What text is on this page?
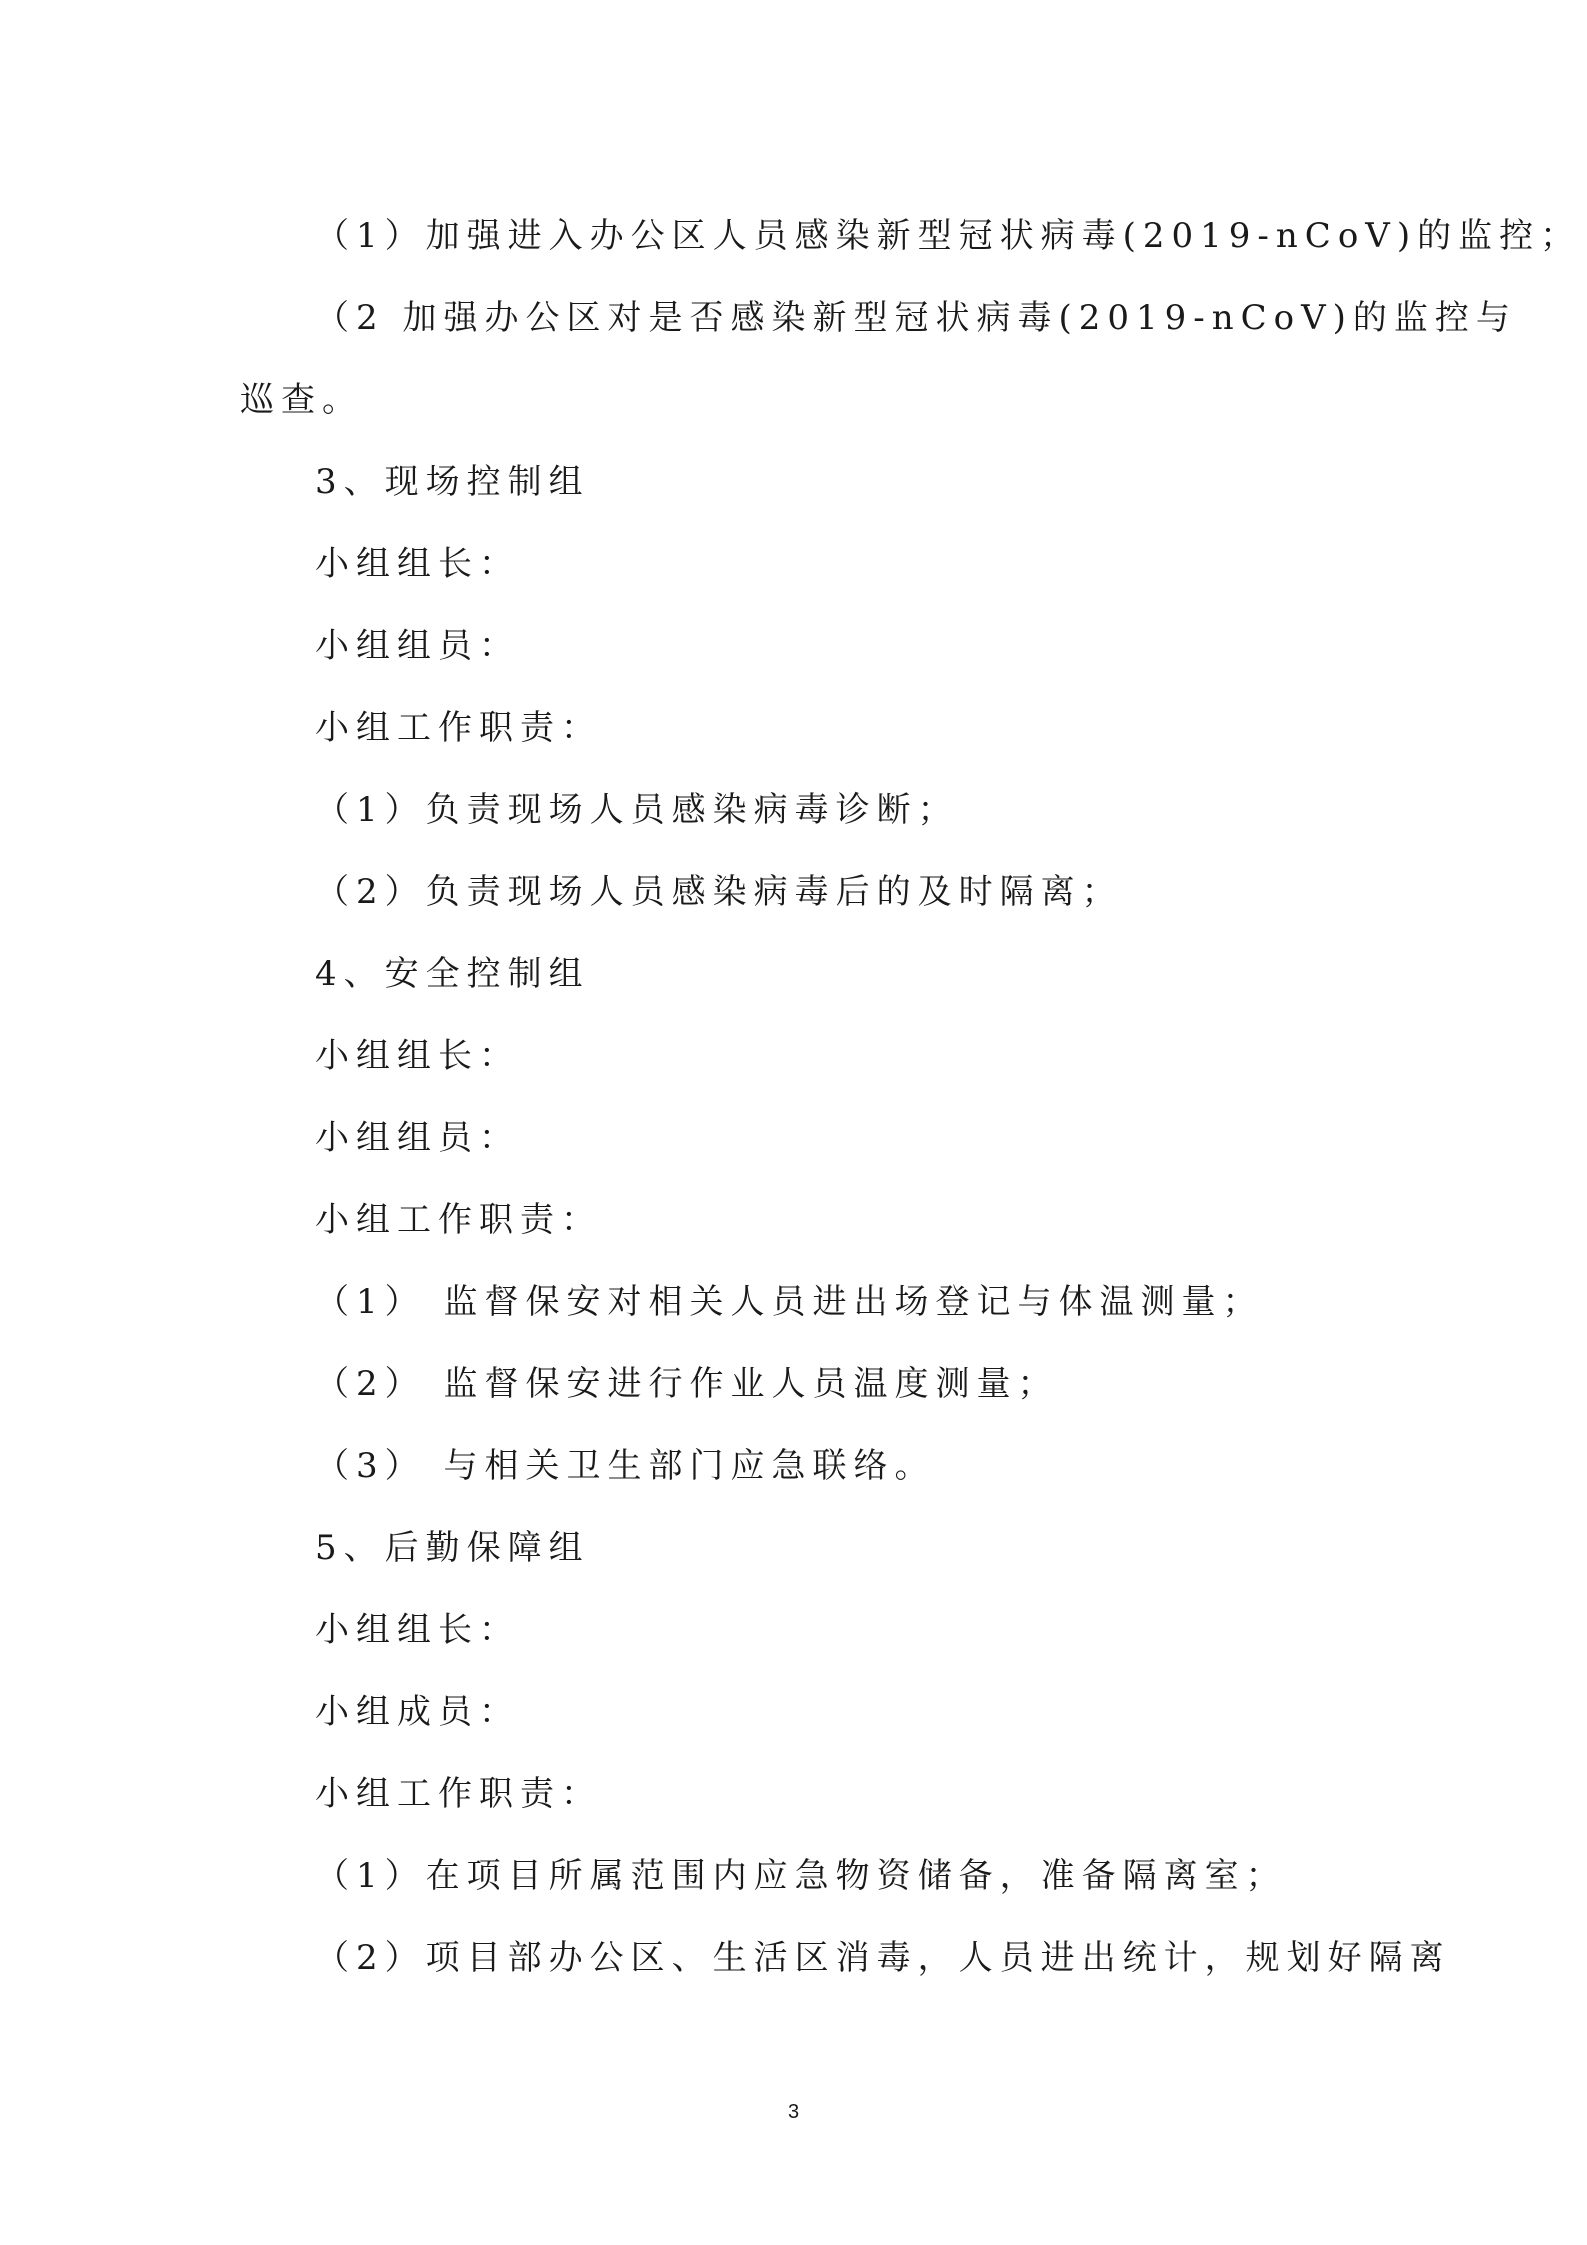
（1）加强进入办公区人员感染新型冠状病毒(2019-nCoV)的监控；
（2 加强办公区对是否感染新型冠状病毒(2019-nCoV)的监控与
巡查。
3、现场控制组
小组组长：
小组组员：
小组工作职责：
（1）负责现场人员感染病毒诊断；
（2）负责现场人员感染病毒后的及时隔离；
4、安全控制组
小组组长：
小组组员：
小组工作职责：
（1） 监督保安对相关人员进出场登记与体温测量；
（2） 监督保安进行作业人员温度测量；
（3） 与相关卫生部门应急联络。
5、后勤保障组
小组组长：
小组成员：
小组工作职责：
（1）在项目所属范围内应急物资储备，准备隔离室；
（2）项目部办公区、生活区消毒，人员进出统计，规划好隔离
3
